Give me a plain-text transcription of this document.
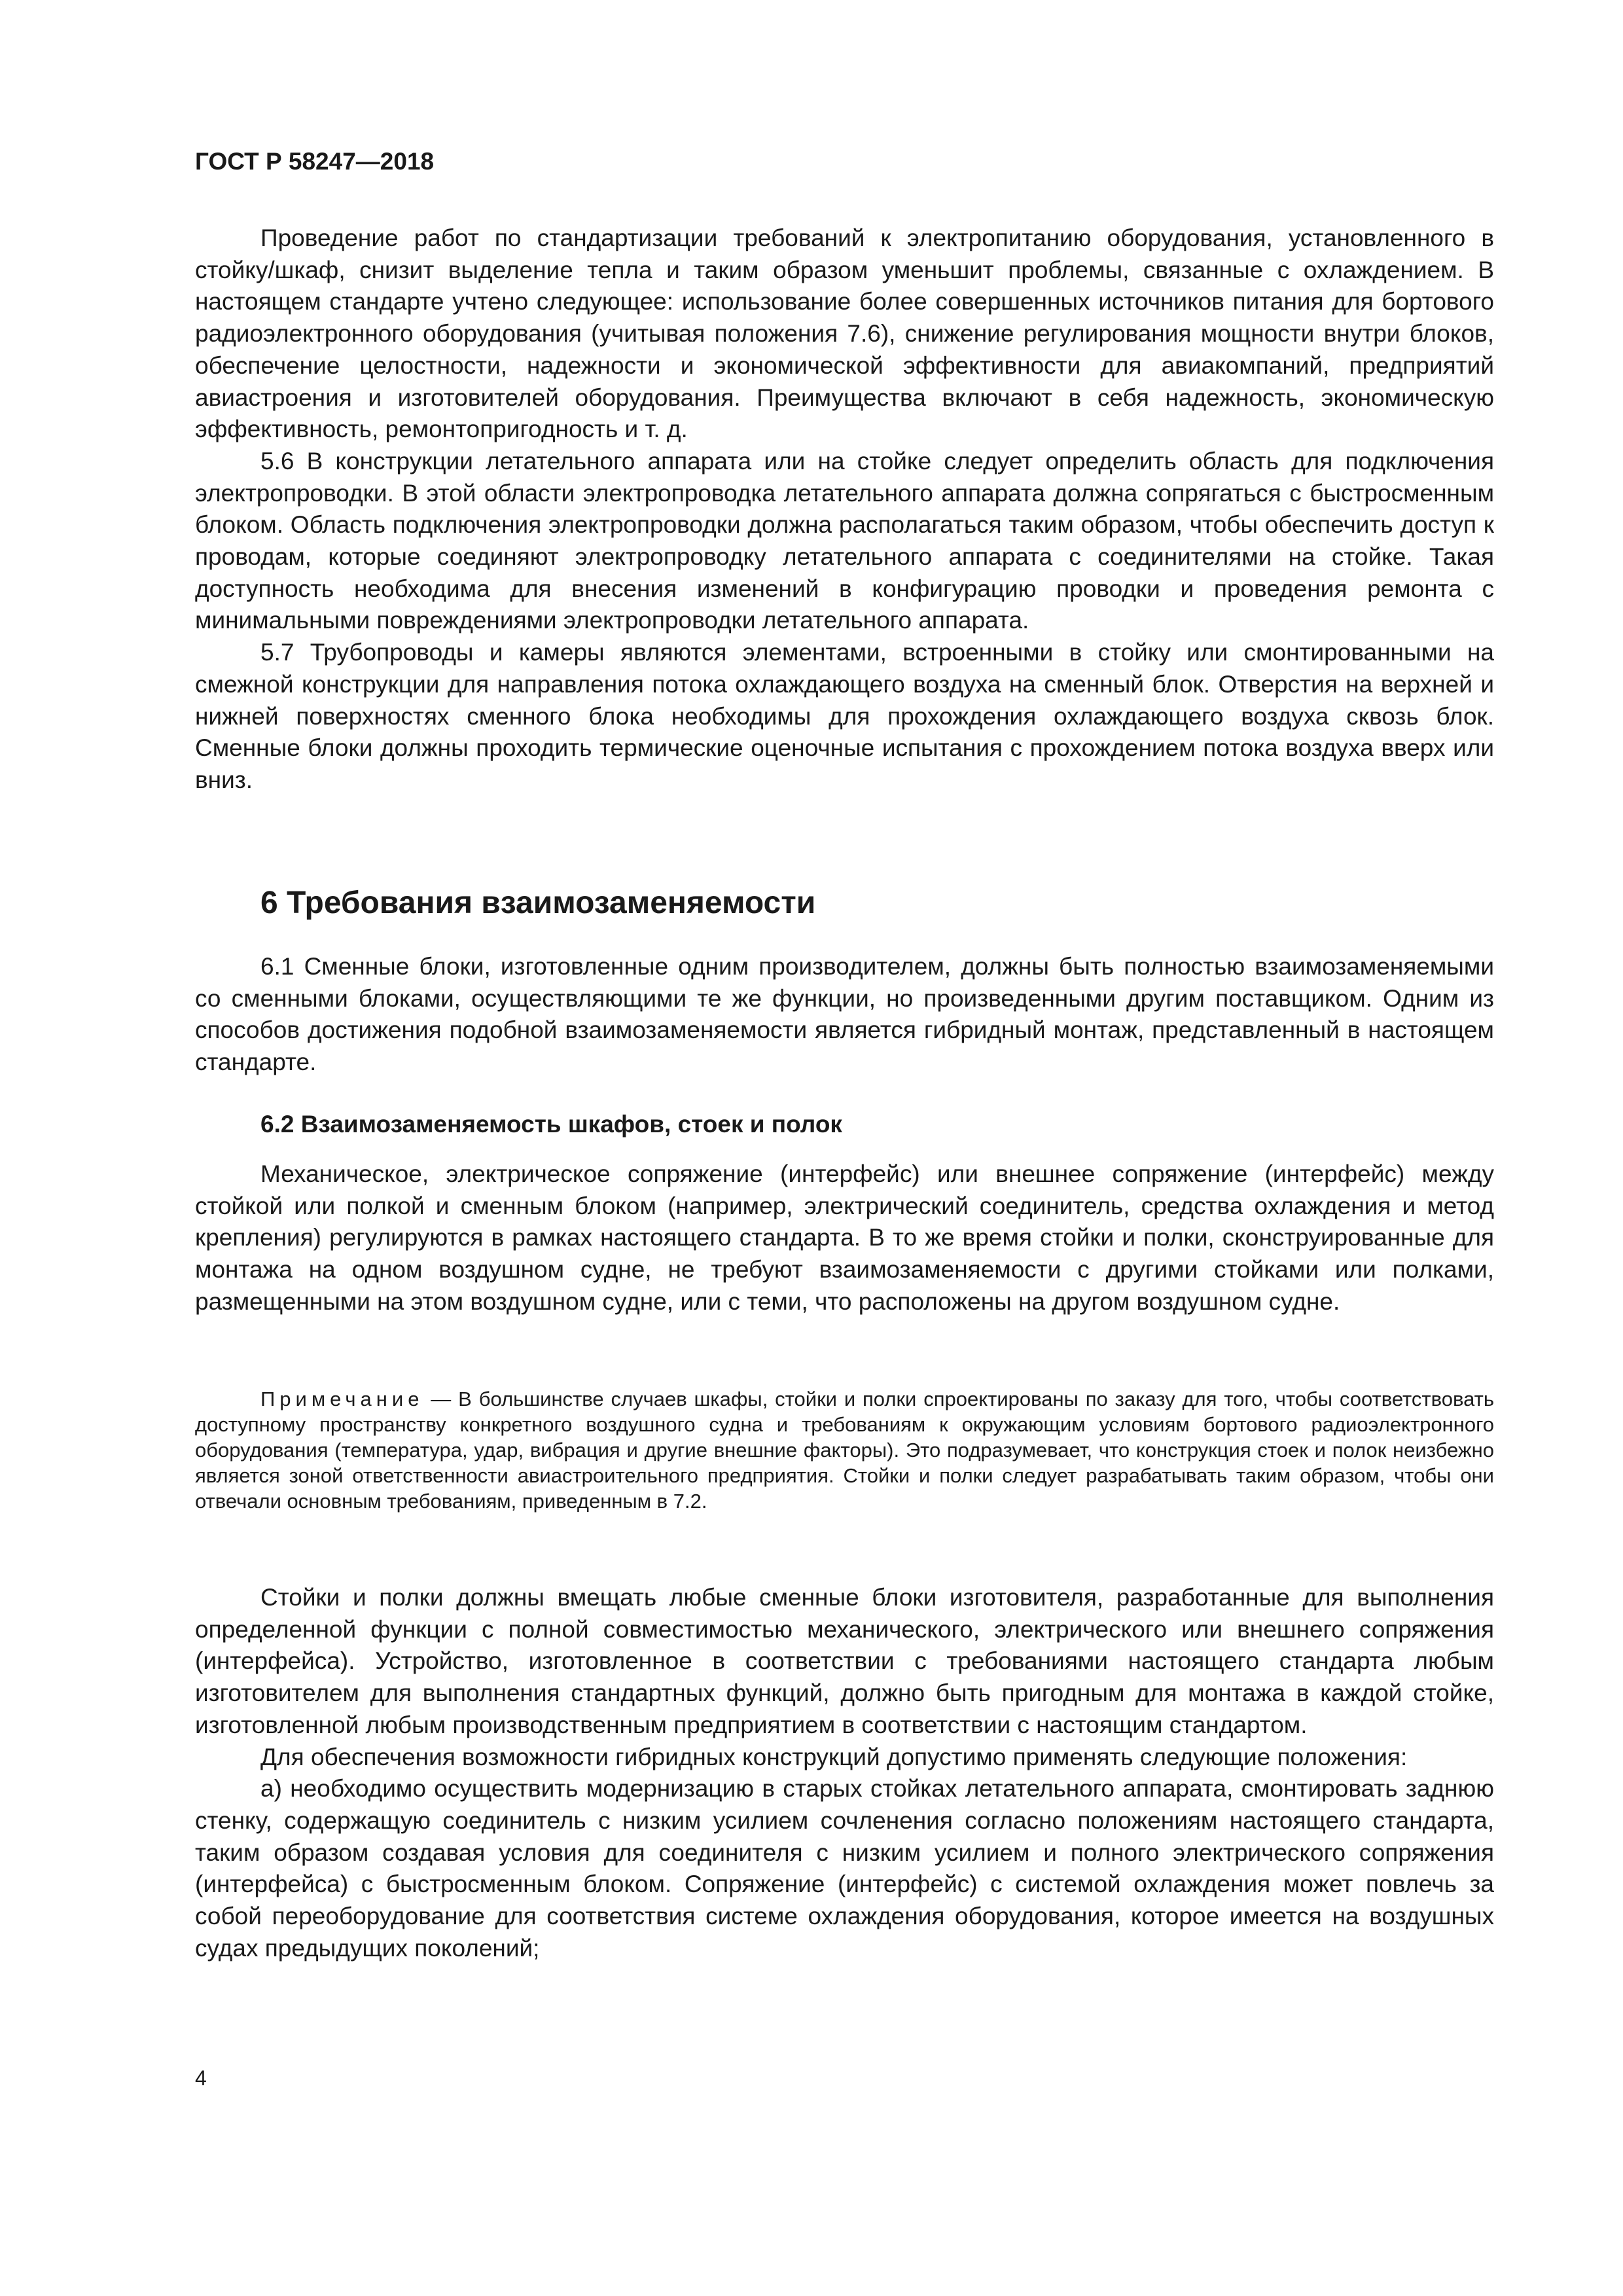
ГОСТ Р 58247—2018

Проведение работ по стандартизации требований к электропитанию оборудования, установленного в стойку/шкаф, снизит выделение тепла и таким образом уменьшит проблемы, связанные с охлаждением. В настоящем стандарте учтено следующее: использование более совершенных источников питания для бортового радиоэлектронного оборудования (учитывая положения 7.6), снижение регулирования мощности внутри блоков, обеспечение целостности, надежности и экономической эффективности для авиакомпаний, предприятий авиастроения и изготовителей оборудования. Преимущества включают в себя надежность, экономическую эффективность, ремонтопригодность и т. д.

5.6 В конструкции летательного аппарата или на стойке следует определить область для подключения электропроводки. В этой области электропроводка летательного аппарата должна сопрягаться с быстросменным блоком. Область подключения электропроводки должна располагаться таким образом, чтобы обеспечить доступ к проводам, которые соединяют электропроводку летательного аппарата с соединителями на стойке. Такая доступность необходима для внесения изменений в конфигурацию проводки и проведения ремонта с минимальными повреждениями электропроводки летательного аппарата.

5.7 Трубопроводы и камеры являются элементами, встроенными в стойку или смонтированными на смежной конструкции для направления потока охлаждающего воздуха на сменный блок. Отверстия на верхней и нижней поверхностях сменного блока необходимы для прохождения охлаждающего воздуха сквозь блок. Сменные блоки должны проходить термические оценочные испытания с прохождением потока воздуха вверх или вниз.

6 Требования взаимозаменяемости

6.1 Сменные блоки, изготовленные одним производителем, должны быть полностью взаимозаменяемыми со сменными блоками, осуществляющими те же функции, но произведенными другим поставщиком. Одним из способов достижения подобной взаимозаменяемости является гибридный монтаж, представленный в настоящем стандарте.

6.2 Взаимозаменяемость шкафов, стоек и полок

Механическое, электрическое сопряжение (интерфейс) или внешнее сопряжение (интерфейс) между стойкой или полкой и сменным блоком (например, электрический соединитель, средства охлаждения и метод крепления) регулируются в рамках настоящего стандарта. В то же время стойки и полки, сконструированные для монтажа на одном воздушном судне, не требуют взаимозаменяемости с другими стойками или полками, размещенными на этом воздушном судне, или с теми, что расположены на другом воздушном судне.

Примечание — В большинстве случаев шкафы, стойки и полки спроектированы по заказу для того, чтобы соответствовать доступному пространству конкретного воздушного судна и требованиям к окружающим условиям бортового радиоэлектронного оборудования (температура, удар, вибрация и другие внешние факторы). Это подразумевает, что конструкция стоек и полок неизбежно является зоной ответственности авиастроительного предприятия. Стойки и полки следует разрабатывать таким образом, чтобы они отвечали основным требованиям, приведенным в 7.2.

Стойки и полки должны вмещать любые сменные блоки изготовителя, разработанные для выполнения определенной функции с полной совместимостью механического, электрического или внешнего сопряжения (интерфейса). Устройство, изготовленное в соответствии с требованиями настоящего стандарта любым изготовителем для выполнения стандартных функций, должно быть пригодным для монтажа в каждой стойке, изготовленной любым производственным предприятием в соответствии с настоящим стандартом.

Для обеспечения возможности гибридных конструкций допустимо применять следующие положения:

а) необходимо осуществить модернизацию в старых стойках летательного аппарата, смонтировать заднюю стенку, содержащую соединитель с низким усилием сочленения согласно положениям настоящего стандарта, таким образом создавая условия для соединителя с низким усилием и полного электрического сопряжения (интерфейса) с быстросменным блоком. Сопряжение (интерфейс) с системой охлаждения может повлечь за собой переоборудование для соответствия системе охлаждения оборудования, которое имеется на воздушных судах предыдущих поколений;

4
